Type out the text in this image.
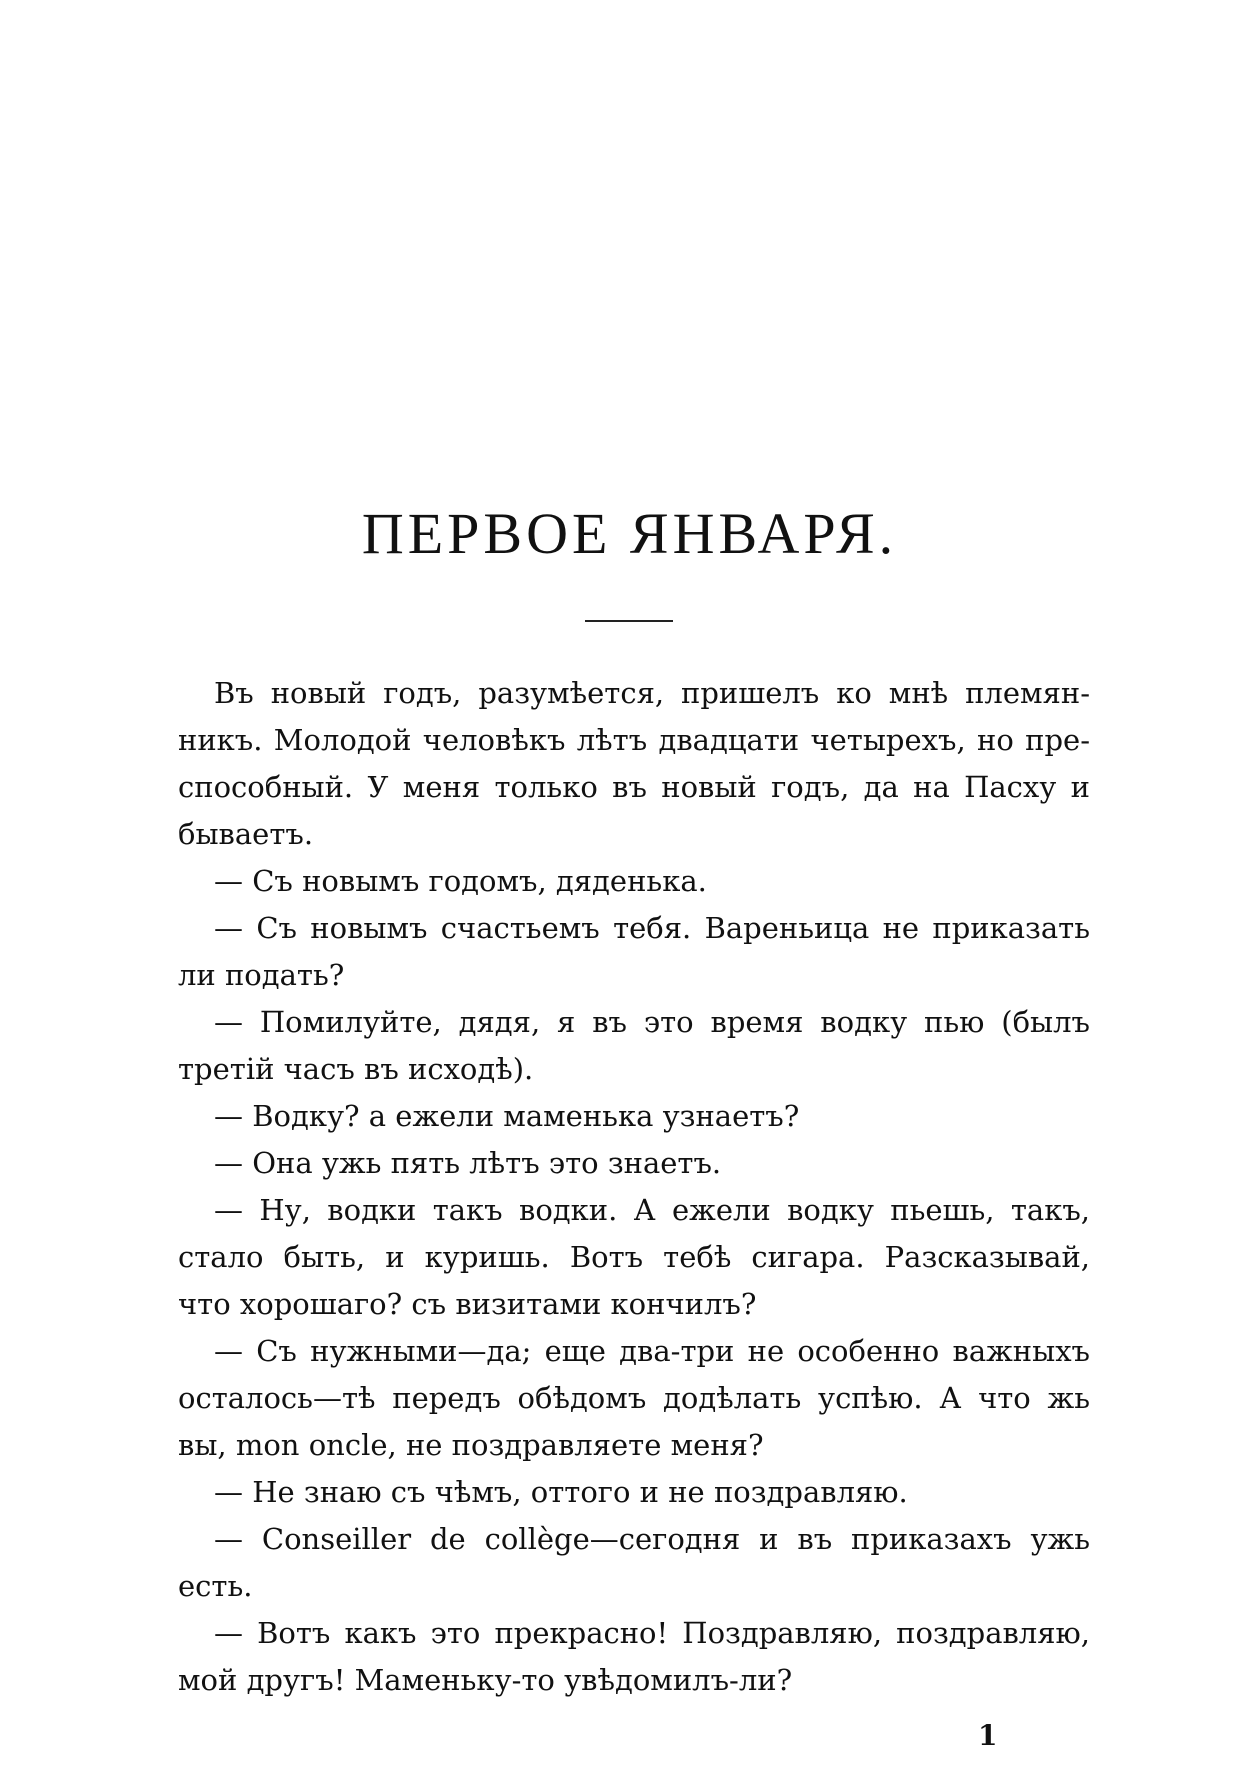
ПЕРВОЕ ЯНВАРЯ.
Въ новый годъ, разумѣется, пришелъ ко мнѣ племян-
никъ. Молодой человѣкъ лѣтъ двадцати четырехъ, но пре-
способный. У меня только въ новый годъ, да на Пасху и
бываетъ.
— Съ новымъ годомъ, дяденька.
— Съ новымъ счастьемъ тебя. Вареньица не приказать
ли подать?
— Помилуйте, дядя, я въ это время водку пью (былъ
третій часъ въ исходѣ).
— Водку? а ежели маменька узнаетъ?
— Она ужь пять лѣтъ это знаетъ.
— Ну, водки такъ водки. А ежели водку пьешь, такъ,
стало быть, и куришь. Вотъ тебѣ сигара. Разсказывай,
что хорошаго? съ визитами кончилъ?
— Съ нужными—да; еще два-три не особенно важныхъ
осталось—тѣ передъ обѣдомъ додѣлать успѣю. А что жь
вы, mon oncle, не поздравляете меня?
— Не знаю съ чѣмъ, оттого и не поздравляю.
— Conseiller de collège—сегодня и въ приказахъ ужь
есть.
— Вотъ какъ это прекрасно! Поздравляю, поздравляю,
мой другъ! Маменьку-то увѣдомилъ-ли?
1
